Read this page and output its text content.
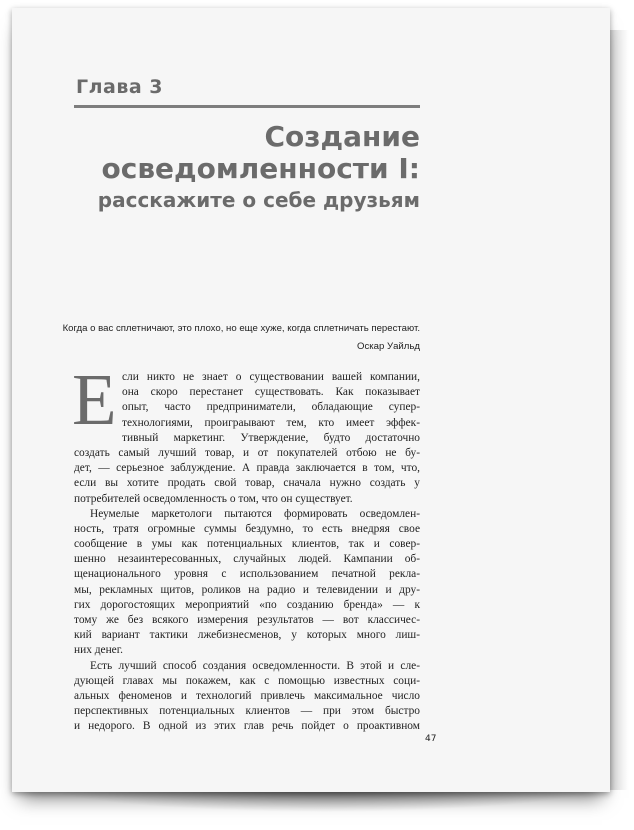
Глава 3
Создание
осведомленности I:
расскажите о себе друзьям
Когда о вас сплетничают, это плохо, но еще хуже, когда сплетничать перестают.
Оскар Уайльд
Е сли никто не знает о существовании вашей компании,
она скоро перестанет существовать. Как показывает
опыт, часто предприниматели, обладающие супер-
технологиями, проиграывают тем, кто имеет эффек-
тивный маркетинг. Утверждение, будто достаточно
создать самый лучший товар, и от покупателей отбою не бу-
дет, — серьезное заблуждение. А правда заключается в том, что,
если вы хотите продать свой товар, сначала нужно создать у
потребителей осведомленность о том, что он существует.
Неумелые маркетологи пытаются формировать осведомлен-
ность, тратя огромные суммы бездумно, то есть внедряя свое
сообщение в умы как потенциальных клиентов, так и совер-
шенно незаинтересованных, случайных людей. Кампании об-
щенационального уровня с использованием печатной рекла-
мы, рекламных щитов, роликов на радио и телевидении и дру-
гих дорогостоящих мероприятий «по созданию бренда» — к
тому же без всякого измерения результатов — вот классичес-
кий вариант тактики лжебизнесменов, у которых много лиш-
них денег.
Есть лучший способ создания осведомленности. В этой и сле-
дующей главах мы покажем, как с помощью известных соци-
альных феноменов и технологий привлечь максимальное число
перспективных потенциальных клиентов — при этом быстро
и недорого. В одной из этих глав речь пойдет о проактивном
47
